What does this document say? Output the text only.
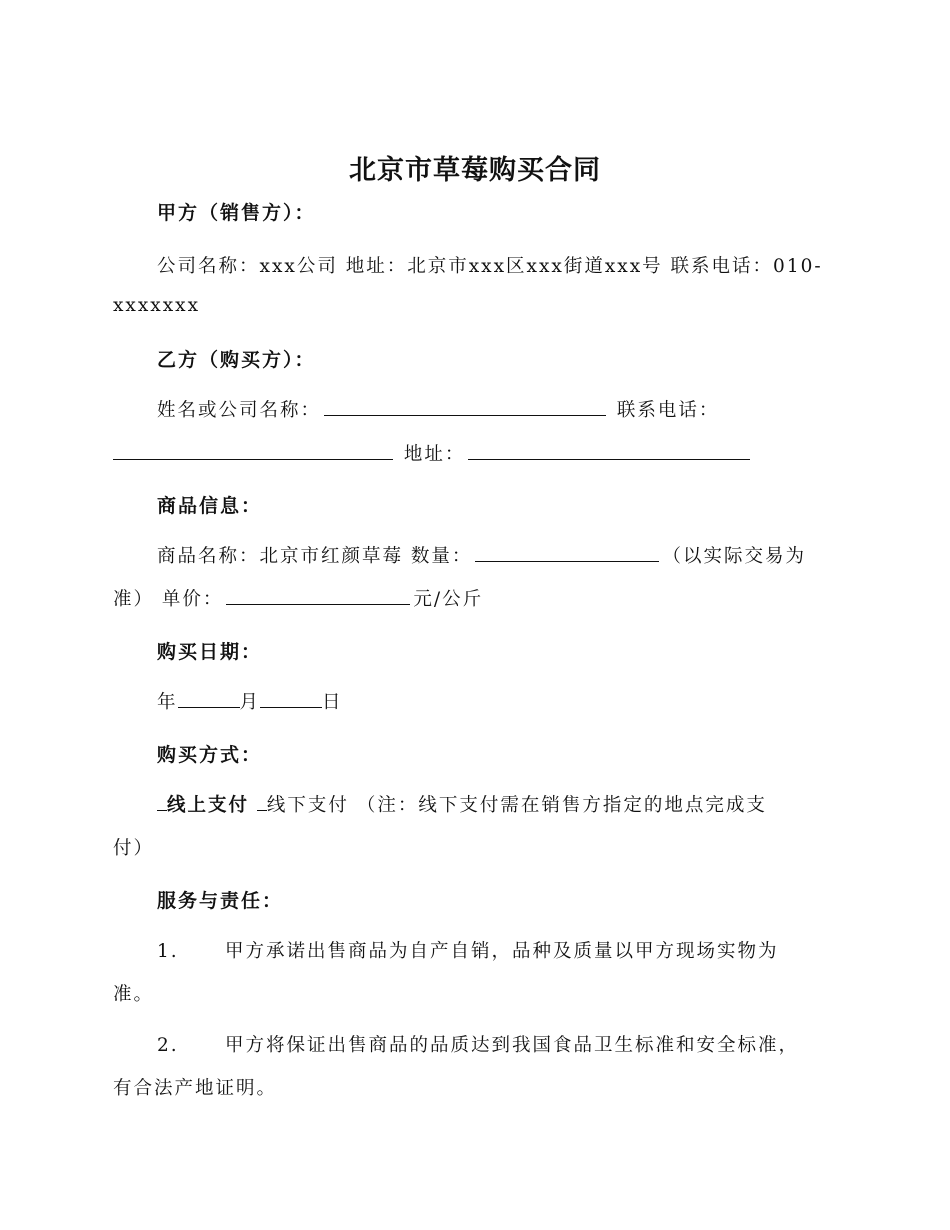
北京市草莓购买合同
甲方（销售方）：
公司名称：xxx公司 地址：北京市xxx区xxx街道xxx号 联系电话：010-
xxxxxxx
乙方（购买方）：
姓名或公司名称：	联系电话：
地址：
商品信息：
商品名称：北京市红颜草莓 数量：	（以实际交易为
准） 单价：	元/公斤
购买日期：
年	月	日
购买方式：
线上支付 线下支付 （注：线下支付需在销售方指定的地点完成支
付）
服务与责任：
1.	甲方承诺出售商品为自产自销，品种及质量以甲方现场实物为
准。
2.	甲方将保证出售商品的品质达到我国食品卫生标准和安全标准，
有合法产地证明。
